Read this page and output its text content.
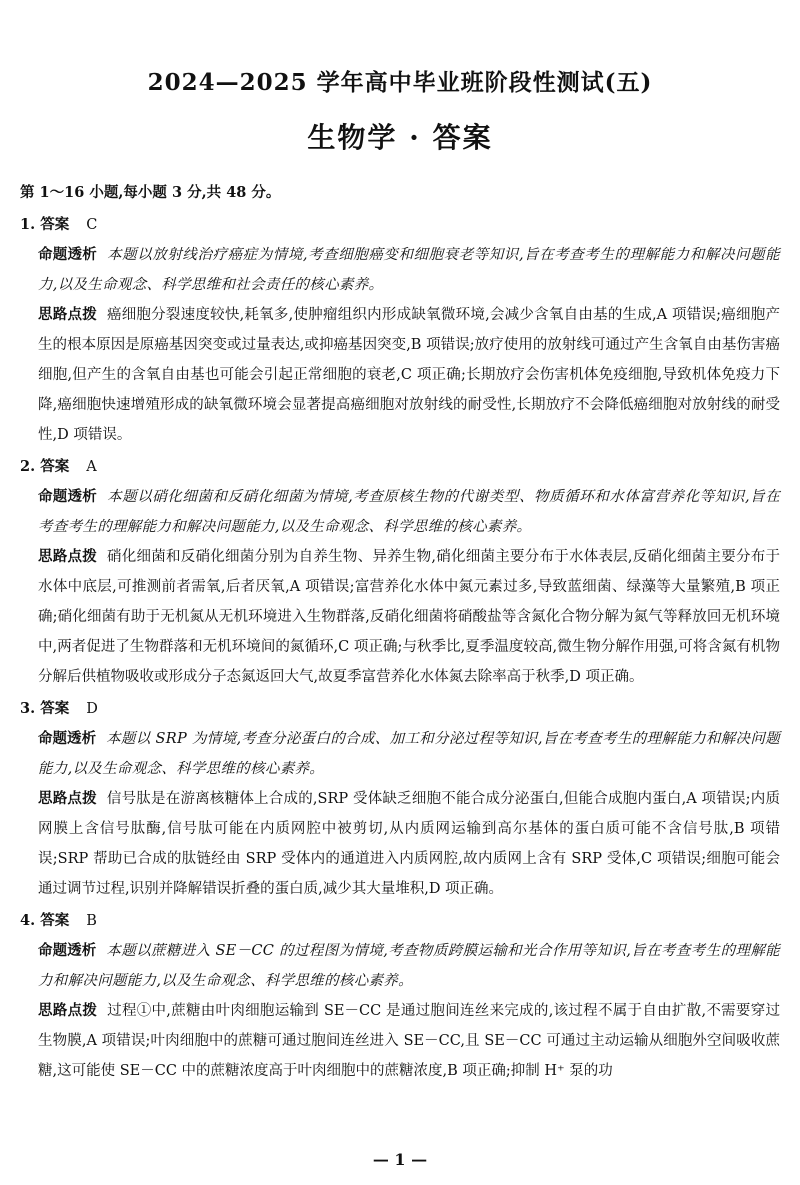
2024—2025 学年高中毕业班阶段性测试(五)
生物学 · 答案
第 1～16 小题,每小题 3 分,共 48 分。
1. 答案 C
命题透析 本题以放射线治疗癌症为情境,考查细胞癌变和细胞衰老等知识,旨在考查考生的理解能力和解决问题能力,以及生命观念、科学思维和社会责任的核心素养。
思路点拨 癌细胞分裂速度较快,耗氧多,使肿瘤组织内形成缺氧微环境,会减少含氧自由基的生成,A 项错误;癌细胞产生的根本原因是原癌基因突变或过量表达,或抑癌基因突变,B 项错误;放疗使用的放射线可通过产生含氧自由基伤害癌细胞,但产生的含氧自由基也可能会引起正常细胞的衰老,C 项正确;长期放疗会伤害机体免疫细胞,导致机体免疫力下降,癌细胞快速增殖形成的缺氧微环境会显著提高癌细胞对放射线的耐受性,长期放疗不会降低癌细胞对放射线的耐受性,D 项错误。
2. 答案 A
命题透析 本题以硝化细菌和反硝化细菌为情境,考查原核生物的代谢类型、物质循环和水体富营养化等知识,旨在考查考生的理解能力和解决问题能力,以及生命观念、科学思维的核心素养。
思路点拨 硝化细菌和反硝化细菌分别为自养生物、异养生物,硝化细菌主要分布于水体表层,反硝化细菌主要分布于水体中底层,可推测前者需氧,后者厌氧,A 项错误;富营养化水体中氮元素过多,导致蓝细菌、绿藻等大量繁殖,B 项正确;硝化细菌有助于无机氮从无机环境进入生物群落,反硝化细菌将硝酸盐等含氮化合物分解为氮气等释放回无机环境中,两者促进了生物群落和无机环境间的氮循环,C 项正确;与秋季比,夏季温度较高,微生物分解作用强,可将含氮有机物分解后供植物吸收或形成分子态氮返回大气,故夏季富营养化水体氮去除率高于秋季,D 项正确。
3. 答案 D
命题透析 本题以 SRP 为情境,考查分泌蛋白的合成、加工和分泌过程等知识,旨在考查考生的理解能力和解决问题能力,以及生命观念、科学思维的核心素养。
思路点拨 信号肽是在游离核糖体上合成的,SRP 受体缺乏细胞不能合成分泌蛋白,但能合成胞内蛋白,A 项错误;内质网膜上含信号肽酶,信号肽可能在内质网腔中被剪切,从内质网运输到高尔基体的蛋白质可能不含信号肽,B 项错误;SRP 帮助已合成的肽链经由 SRP 受体内的通道进入内质网腔,故内质网上含有 SRP 受体,C 项错误;细胞可能会通过调节过程,识别并降解错误折叠的蛋白质,减少其大量堆积,D 项正确。
4. 答案 B
命题透析 本题以蔗糖进入 SE－CC 的过程图为情境,考查物质跨膜运输和光合作用等知识,旨在考查考生的理解能力和解决问题能力,以及生命观念、科学思维的核心素养。
思路点拨 过程①中,蔗糖由叶肉细胞运输到 SE－CC 是通过胞间连丝来完成的,该过程不属于自由扩散,不需要穿过生物膜,A 项错误;叶肉细胞中的蔗糖可通过胞间连丝进入 SE－CC,且 SE－CC 可通过主动运输从细胞外空间吸收蔗糖,这可能使 SE－CC 中的蔗糖浓度高于叶肉细胞中的蔗糖浓度,B 项正确;抑制 H⁺ 泵的功
— 1 —
